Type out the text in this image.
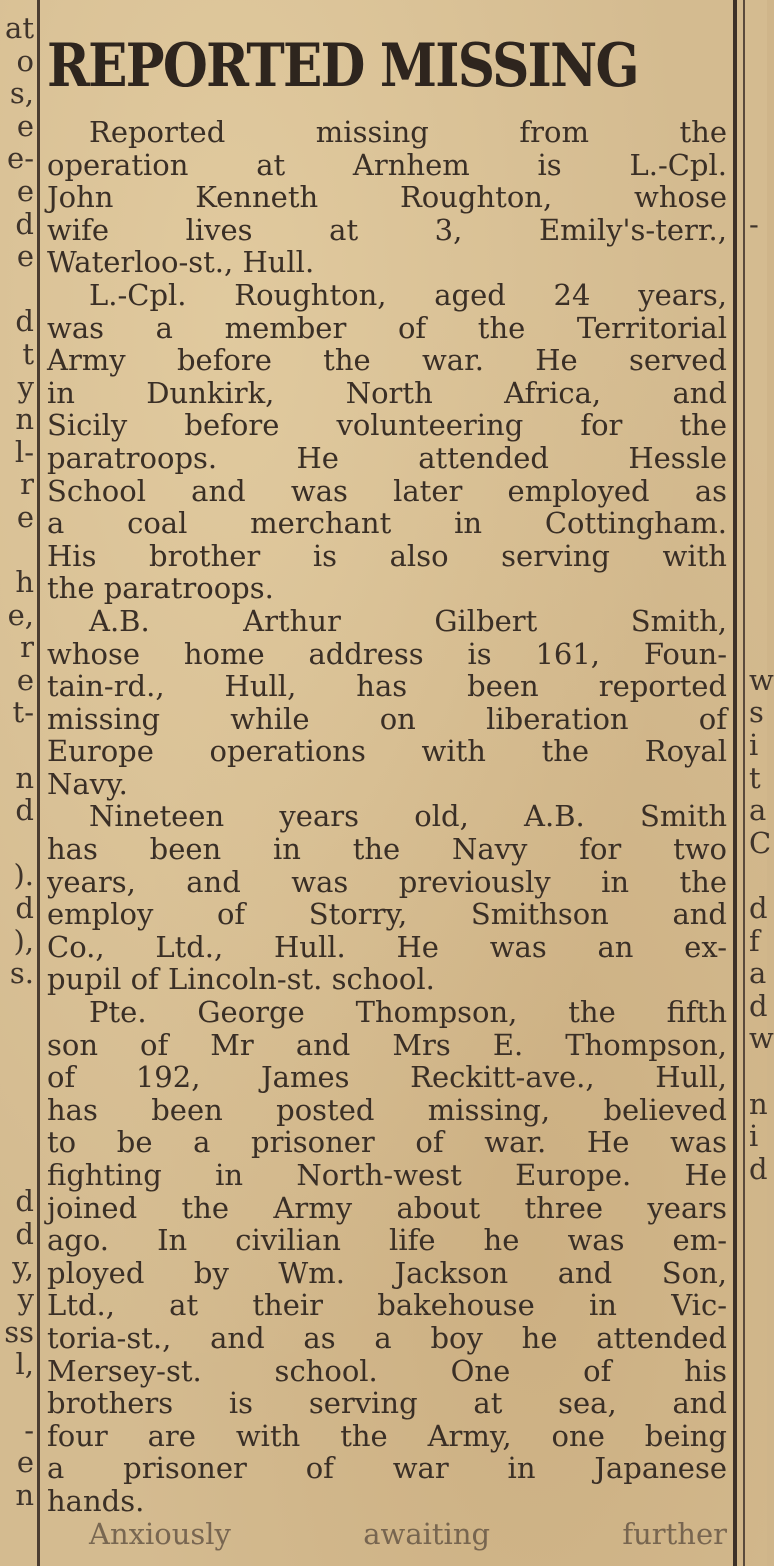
at
o
s,
e
e-
e
d
e
d
t
y
n
l-
r
e
h
e,
r
e
t-
n
d
).
d
),
s.
d
d
y,
y
ss
l,
-
e
n
-
w
s
i
t
a
C
d
f
a
d
w
n
i
d
REPORTED MISSING

Reported missing from the
operation at Arnhem is L.-Cpl.
John Kenneth Roughton, whose
wife lives at 3, Emily's-terr.,
Waterloo-st., Hull.

L.-Cpl. Roughton, aged 24 years,
was a member of the Territorial
Army before the war. He served
in Dunkirk, North Africa, and
Sicily before volunteering for the
paratroops. He attended Hessle
School and was later employed as
a coal merchant in Cottingham.
His brother is also serving with
the paratroops.

A.B. Arthur Gilbert Smith,
whose home address is 161, Foun-
tain-rd., Hull, has been reported
missing while on liberation of
Europe operations with the Royal
Navy.

Nineteen years old, A.B. Smith
has been in the Navy for two
years, and was previously in the
employ of Storry, Smithson and
Co., Ltd., Hull. He was an ex-
pupil of Lincoln-st. school.

Pte. George Thompson, the fifth
son of Mr and Mrs E. Thompson,
of 192, James Reckitt-ave., Hull,
has been posted missing, believed
to be a prisoner of war. He was
fighting in North-west Europe. He
joined the Army about three years
ago. In civilian life he was em-
ployed by Wm. Jackson and Son,
Ltd., at their bakehouse in Vic-
toria-st., and as a boy he attended
Mersey-st. school. One of his
brothers is serving at sea, and
four are with the Army, one being
a prisoner of war in Japanese
hands.

Anxiously awaiting further
